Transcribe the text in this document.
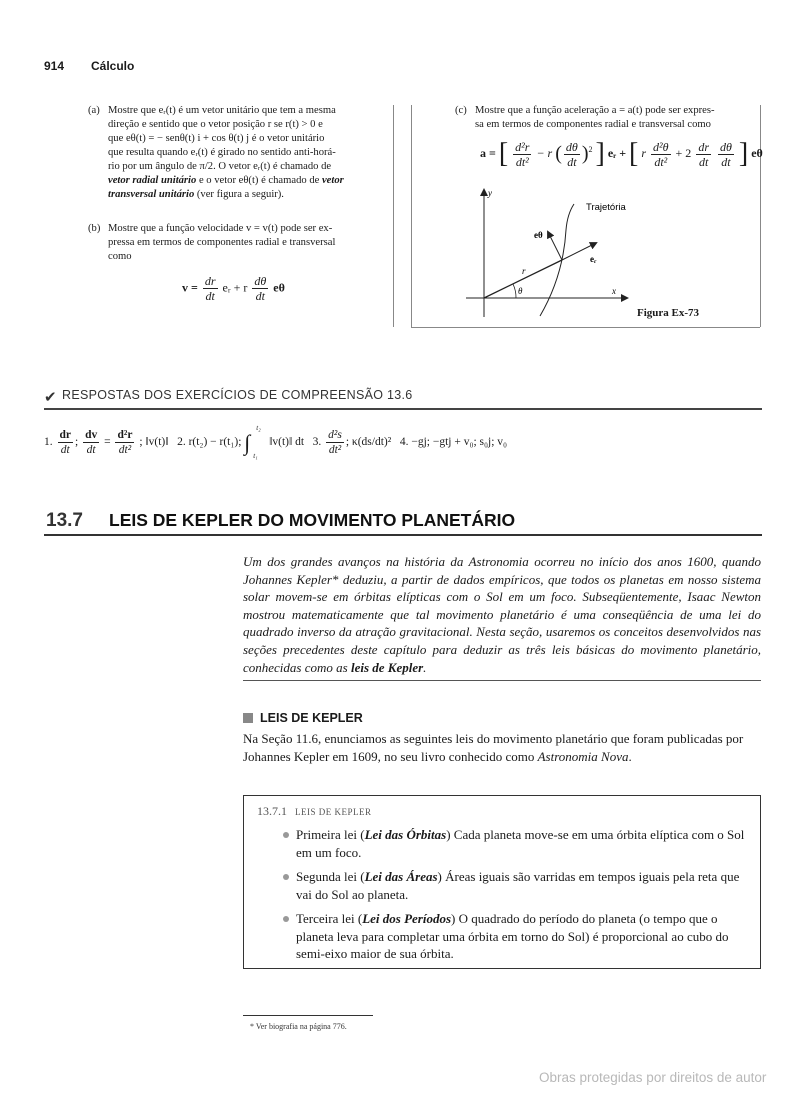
914 Cálculo
(a) Mostre que eᵣ(t) é um vetor unitário que tem a mesma

direção e sentido que o vetor posição r se r(t) > 0 e

que eθ(t) = − senθ(t) i + cos θ(t) j é o vetor unitário

que resulta quando eᵣ(t) é girado no sentido anti-horá-

rio por um ângulo de π/2. O vetor eᵣ(t) é chamado de

vetor radial unitário e o vetor eθ(t) é chamado de vetor

transversal unitário (ver figura a seguir).

(b) Mostre que a função velocidade v = v(t) pode ser ex-

pressa em termos de componentes radial e transversal

como

$v = \frac{dr}{dt}$ eᵣ + r $\frac{d\theta}{dt}$ eθ
(c) Mostre que a função aceleração a = a(t) pode ser expres-

sa em termos de componentes radial e transversal como

a = [ $\frac{\text{d²r}}{\text{dt²}} - r$ ( $\frac{d\theta}{dt} )^2$ ] eᵣ + [ r $\frac{\text{d²θ}}{\text{dt²}} + 2 \frac{dr}{dt}$
$\frac{d\theta}{dt}$ ] eθ
y
x
r
θ
eθ
eᵣ
Trajetória
Figura Ex-73
✔ RESPOSTAS DOS EXERCÍCIOS DE COMPREENSÃO 13.6
1. $\frac{dr}{dt}$ ; $\frac{dv}{dt} = \frac{\text{d²r}}{\text{dt²}}$ ; ‖v(t)‖ 2. r(t₂) − r(t₁); ∫
t₂
t₁
‖v(t)‖ dt 3. $\frac{\text{d²s}}{\text{dt²}}$ ; κ(ds/dt)² 4. −gj; −gtj + v₀; s₀j; v₀
13.7 LEIS DE KEPLER DO MOVIMENTO PLANETÁRIO
Um dos grandes avanços na história da Astronomia ocorreu no início dos anos 1600, quando Johannes Kepler* deduziu, a partir de dados empíricos, que todos os planetas em nosso sistema solar movem-se em órbitas elípticas com o Sol em um foco. Subseqüentemente, Isaac Newton mostrou matematicamente que tal movimento planetário é uma conseqüência de uma lei do quadrado inverso da atração gravitacional. Nesta seção, usaremos os conceitos desenvolvidos nas seções precedentes deste capítulo para deduzir as três leis básicas do movimento planetário, conhecidas como as leis de Kepler.
LEIS DE KEPLER
Na Seção 11.6, enunciamos as seguintes leis do movimento planetário que foram publicadas por Johannes Kepler em 1609, no seu livro conhecido como Astronomia Nova.
13.7.1 LEIS DE KEPLER
Primeira lei (Lei das Órbitas) Cada planeta move-se em uma órbita elíptica com o Sol em um foco.
Segunda lei (Lei das Áreas) Áreas iguais são varridas em tempos iguais pela reta que vai do Sol ao planeta.
Terceira lei (Lei dos Períodos) O quadrado do período do planeta (o tempo que o planeta leva para completar uma órbita em torno do Sol) é proporcional ao cubo do semi-eixo maior de sua órbita.
* Ver biografia na página 776.
Obras protegidas por direitos de autor
